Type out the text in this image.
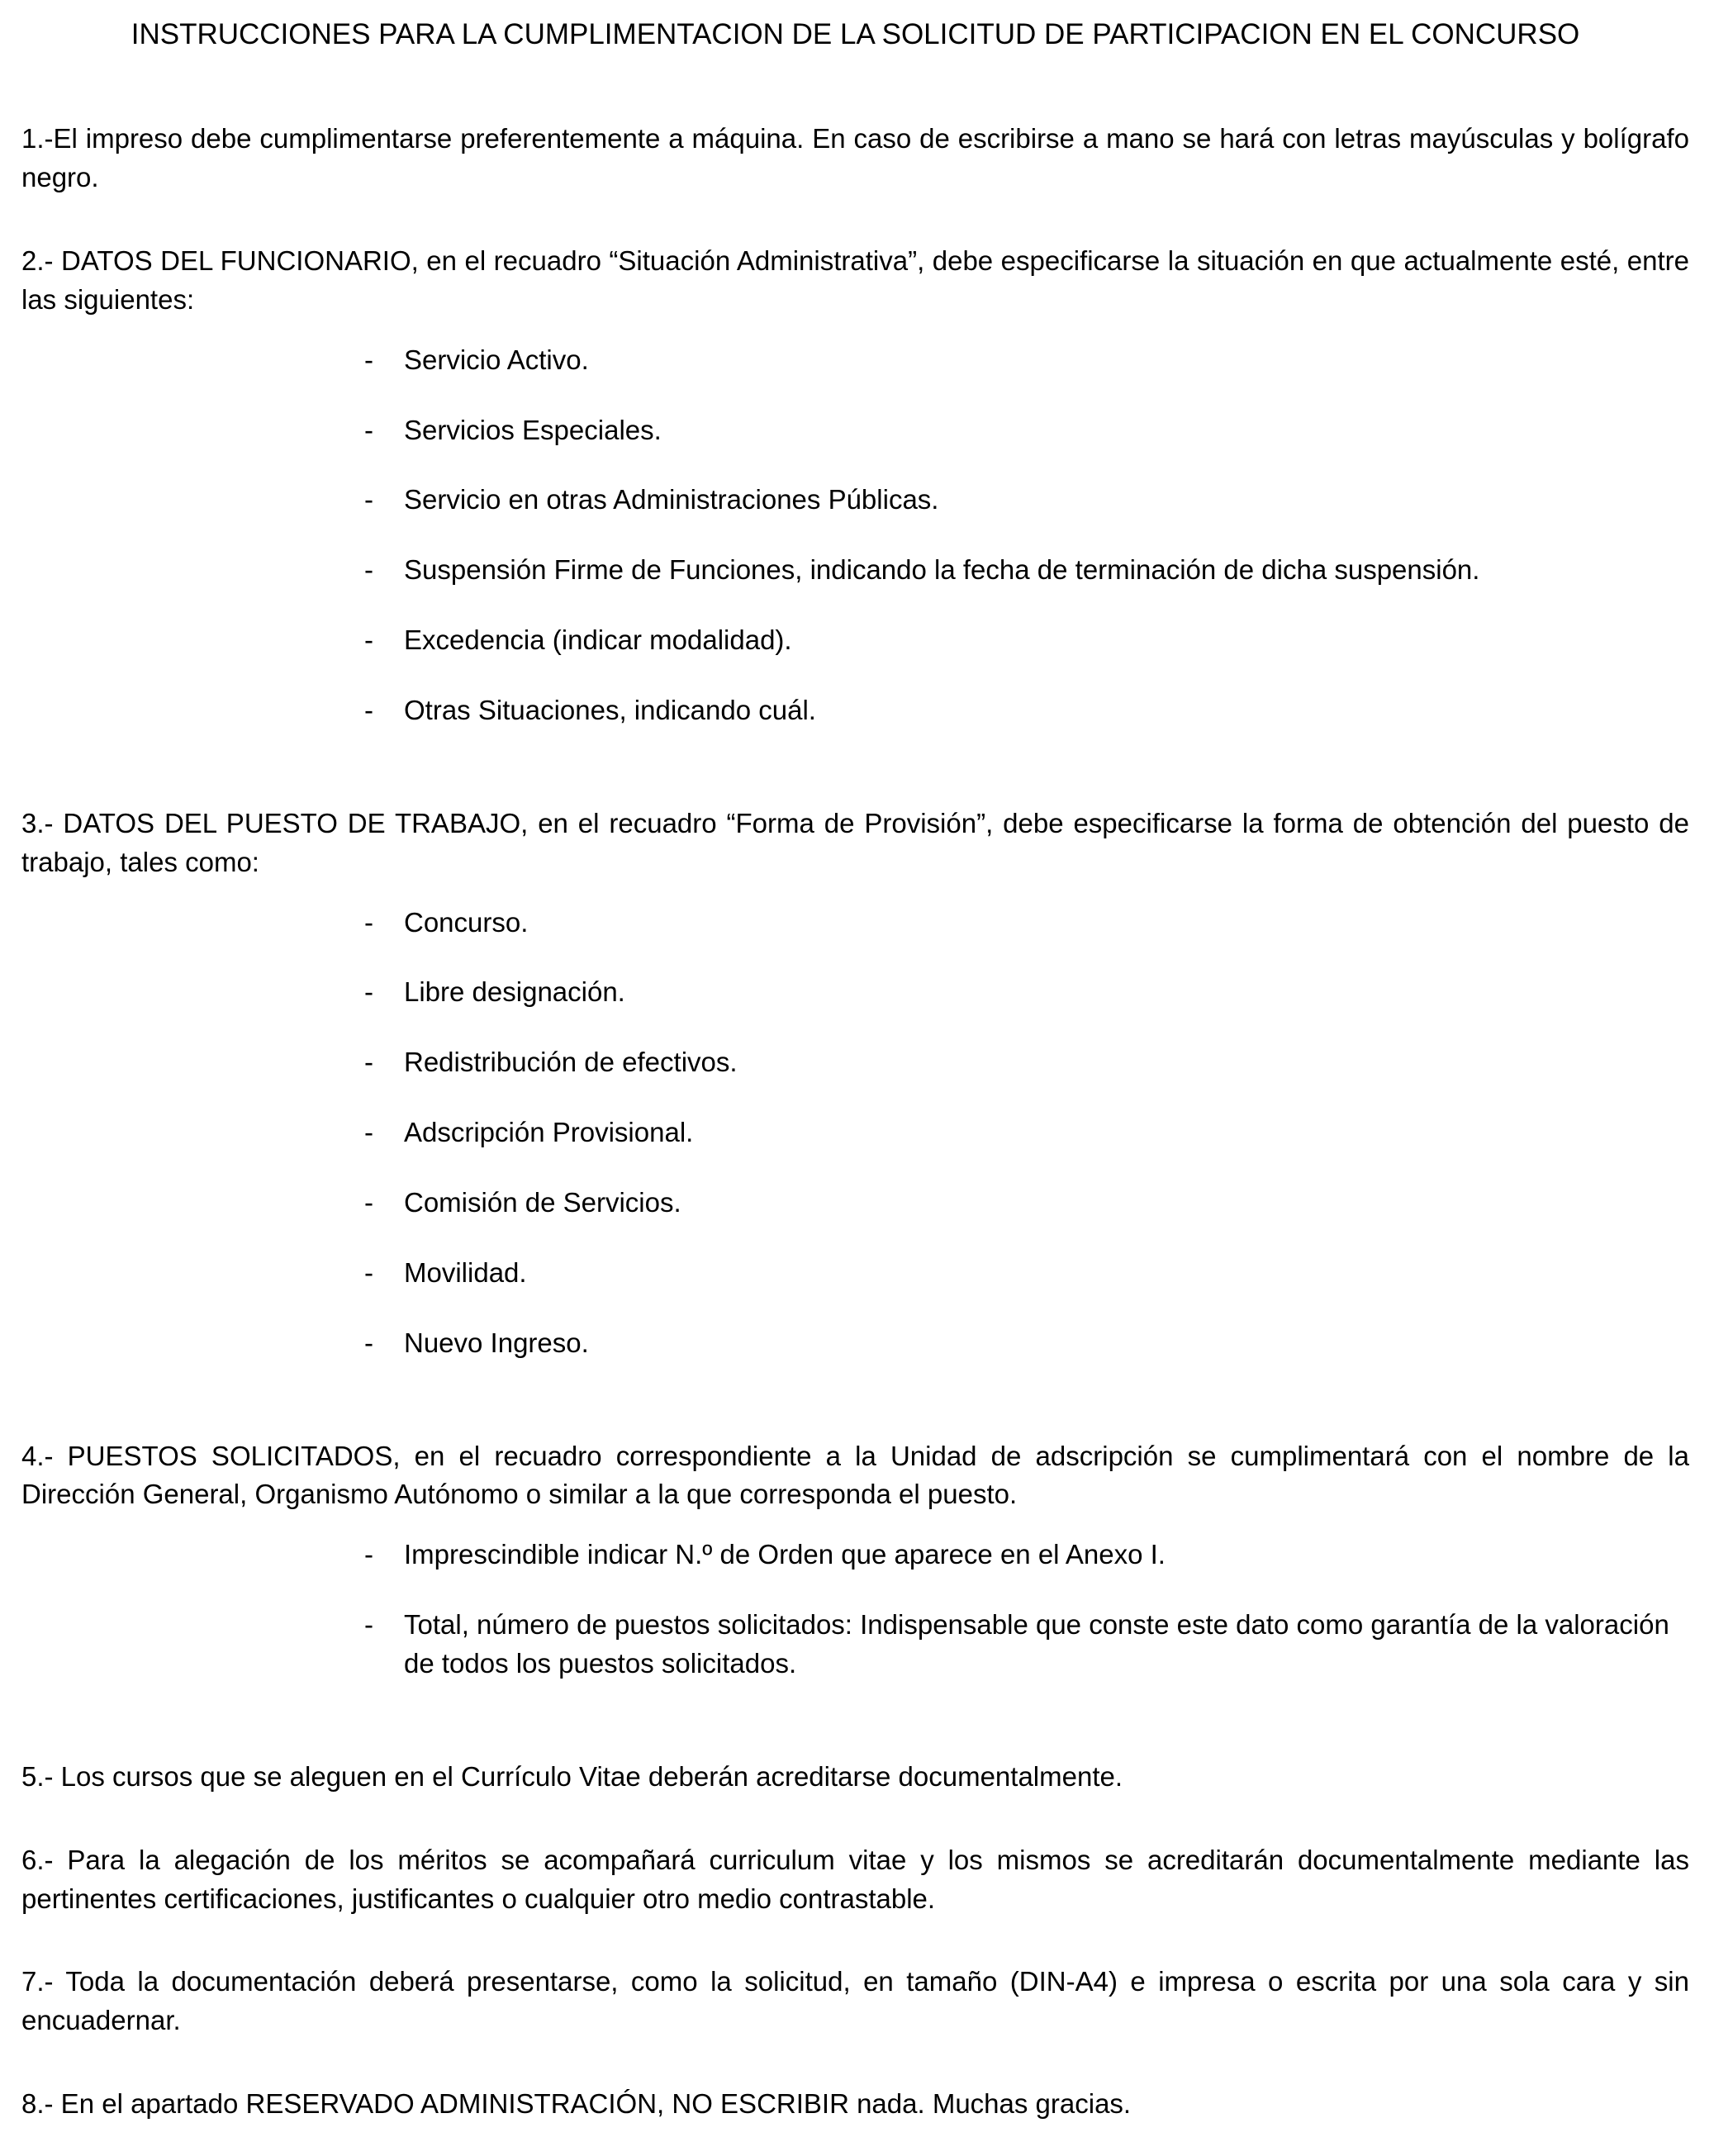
INSTRUCCIONES PARA LA CUMPLIMENTACION DE LA SOLICITUD DE PARTICIPACION EN EL CONCURSO

1.-El impreso debe cumplimentarse preferentemente a máquina. En caso de escribirse a mano se hará con letras mayúsculas y bolígrafo negro.

2.- DATOS DEL FUNCIONARIO, en el recuadro “Situación Administrativa”, debe especificarse la situación en que actualmente esté, entre las siguientes:

-	Servicio Activo.
-	Servicios Especiales.
-	Servicio en otras Administraciones Públicas.
-	Suspensión Firme de Funciones, indicando la fecha de terminación de dicha suspensión.
-	Excedencia (indicar modalidad).
-	Otras Situaciones, indicando cuál.

3.- DATOS DEL PUESTO DE TRABAJO, en el recuadro “Forma de Provisión”, debe especificarse la forma de obtención del puesto de trabajo, tales como:

-	Concurso.
-	Libre designación.
-	Redistribución de efectivos.
-	Adscripción Provisional.
-	Comisión de Servicios.
-	Movilidad.
-	Nuevo Ingreso.

4.- PUESTOS SOLICITADOS, en el recuadro correspondiente a la Unidad de adscripción se cumplimentará con el nombre de la Dirección General, Organismo Autónomo o similar a la que corresponda el puesto.

-	Imprescindible indicar N.º de Orden que aparece en el Anexo I.
-	Total, número de puestos solicitados: Indispensable que conste este dato como garantía de la valoración de todos los puestos solicitados.

5.- Los cursos que se aleguen en el Currículo Vitae deberán acreditarse documentalmente.

6.- Para la alegación de los méritos se acompañará curriculum vitae y los mismos se acreditarán documentalmente mediante las pertinentes certificaciones, justificantes o cualquier otro medio contrastable.

7.- Toda la documentación deberá presentarse, como la solicitud, en tamaño (DIN-A4) e impresa o escrita por una sola cara y sin encuadernar.

8.- En el apartado RESERVADO ADMINISTRACIÓN, NO ESCRIBIR nada. Muchas gracias.
